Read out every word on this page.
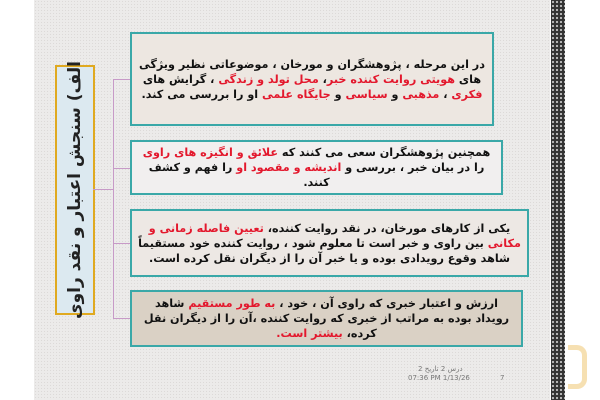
الف) سنجش اعتبار و نقد راوی	در این مرحله ، پژوهشگران و مورخان ، موضوعاتی نظیر ویژگی های هویتی روایت کننده خبر، محل تولد و زندگی ، گرایش های فکری ، مذهبی و سیاسی و جایگاه علمی او را بررسی می کند.
همچنین پژوهشگران سعی می کنند که علائق و انگیزه های راوی را در بیان خبر ، بررسی و اندیشه و مقصود او را فهم و کشف کنند.
یکی از کارهای مورخان، در نقد روایت کننده، تعیین فاصله زمانی و مکانی بین راوی و خبر است تا معلوم شود ، روایت کننده خود مستقیماً شاهد وقوع رویدادی بوده و یا خبر آن را از دیگران نقل کرده است.
ارزش و اعتبار خبری که راوی آن ، خود ، به طور مستقیم شاهد رویداد بوده به مراتب از خبری که روایت کننده ،آن را از دیگران نقل کرده، بیشتر است.
درس 2 تاریخ 2
07:36 PM 1/13/26	7
